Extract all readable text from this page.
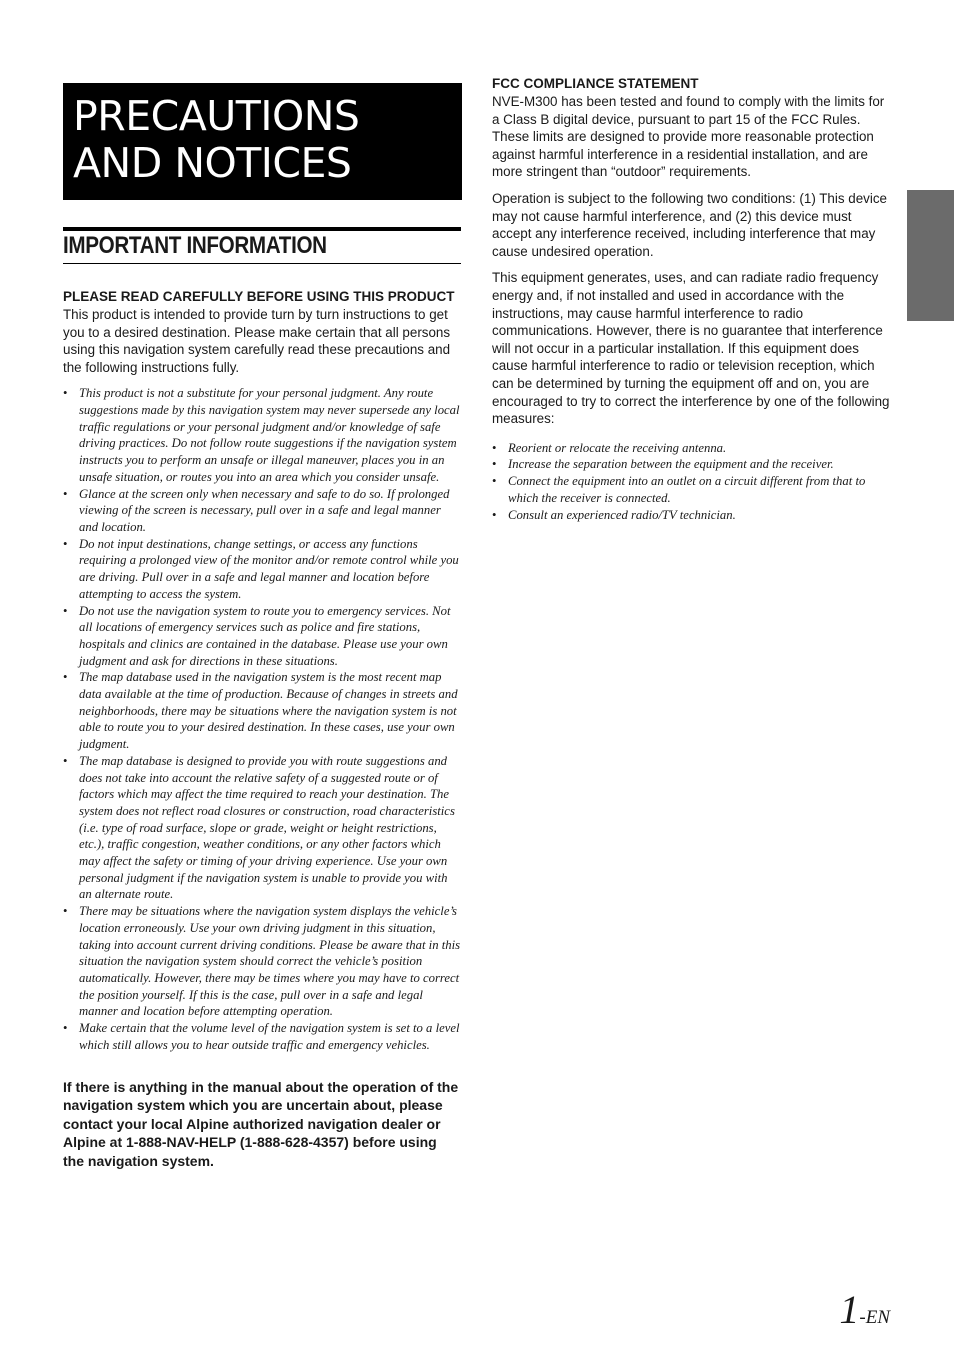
PRECAUTIONS AND NOTICES
IMPORTANT INFORMATION

PLEASE READ CAREFULLY BEFORE USING THIS PRODUCT

This product is intended to provide turn by turn instructions to get you to a desired destination. Please make certain that all persons using this navigation system carefully read these precautions and the following instructions fully.

• This product is not a substitute for your personal judgment. Any route suggestions made by this navigation system may never supersede any local traffic regulations or your personal judgment and/or knowledge of safe driving practices. Do not follow route suggestions if the navigation system instructs you to perform an unsafe or illegal maneuver, places you in an unsafe situation, or routes you into an area which you consider unsafe.
• Glance at the screen only when necessary and safe to do so. If prolonged viewing of the screen is necessary, pull over in a safe and legal manner and location.
• Do not input destinations, change settings, or access any functions requiring a prolonged view of the monitor and/or remote control while you are driving. Pull over in a safe and legal manner and location before attempting to access the system.
• Do not use the navigation system to route you to emergency services. Not all locations of emergency services such as police and fire stations, hospitals and clinics are contained in the database. Please use your own judgment and ask for directions in these situations.
• The map database used in the navigation system is the most recent map data available at the time of production. Because of changes in streets and neighborhoods, there may be situations where the navigation system is not able to route you to your desired destination. In these cases, use your own judgment.
• The map database is designed to provide you with route suggestions and does not take into account the relative safety of a suggested route or of factors which may affect the time required to reach your destination. The system does not reflect road closures or construction, road characteristics (i.e. type of road surface, slope or grade, weight or height restrictions, etc.), traffic congestion, weather conditions, or any other factors which may affect the safety or timing of your driving experience. Use your own personal judgment if the navigation system is unable to provide you with an alternate route.
• There may be situations where the navigation system displays the vehicle’s location erroneously. Use your own driving judgment in this situation, taking into account current driving conditions. Please be aware that in this situation the navigation system should correct the vehicle’s position automatically. However, there may be times where you may have to correct the position yourself. If this is the case, pull over in a safe and legal manner and location before attempting operation.
• Make certain that the volume level of the navigation system is set to a level which still allows you to hear outside traffic and emergency vehicles.

If there is anything in the manual about the operation of the navigation system which you are uncertain about, please contact your local Alpine authorized navigation dealer or Alpine at 1-888-NAV-HELP (1-888-628-4357) before using the navigation system.

FCC COMPLIANCE STATEMENT

NVE-M300 has been tested and found to comply with the limits for a Class B digital device, pursuant to part 15 of the FCC Rules. These limits are designed to provide more reasonable protection against harmful interference in a residential installation, and are more stringent than “outdoor” requirements.

Operation is subject to the following two conditions: (1) This device may not cause harmful interference, and (2) this device must accept any interference received, including interference that may cause undesired operation.

This equipment generates, uses, and can radiate radio frequency energy and, if not installed and used in accordance with the instructions, may cause harmful interference to radio communications. However, there is no guarantee that interference will not occur in a particular installation. If this equipment does cause harmful interference to radio or television reception, which can be determined by turning the equipment off and on, you are encouraged to try to correct the interference by one of the following measures:

• Reorient or relocate the receiving antenna.
• Increase the separation between the equipment and the receiver.
• Connect the equipment into an outlet on a circuit different from that to which the receiver is connected.
• Consult an experienced radio/TV technician.
1-EN
